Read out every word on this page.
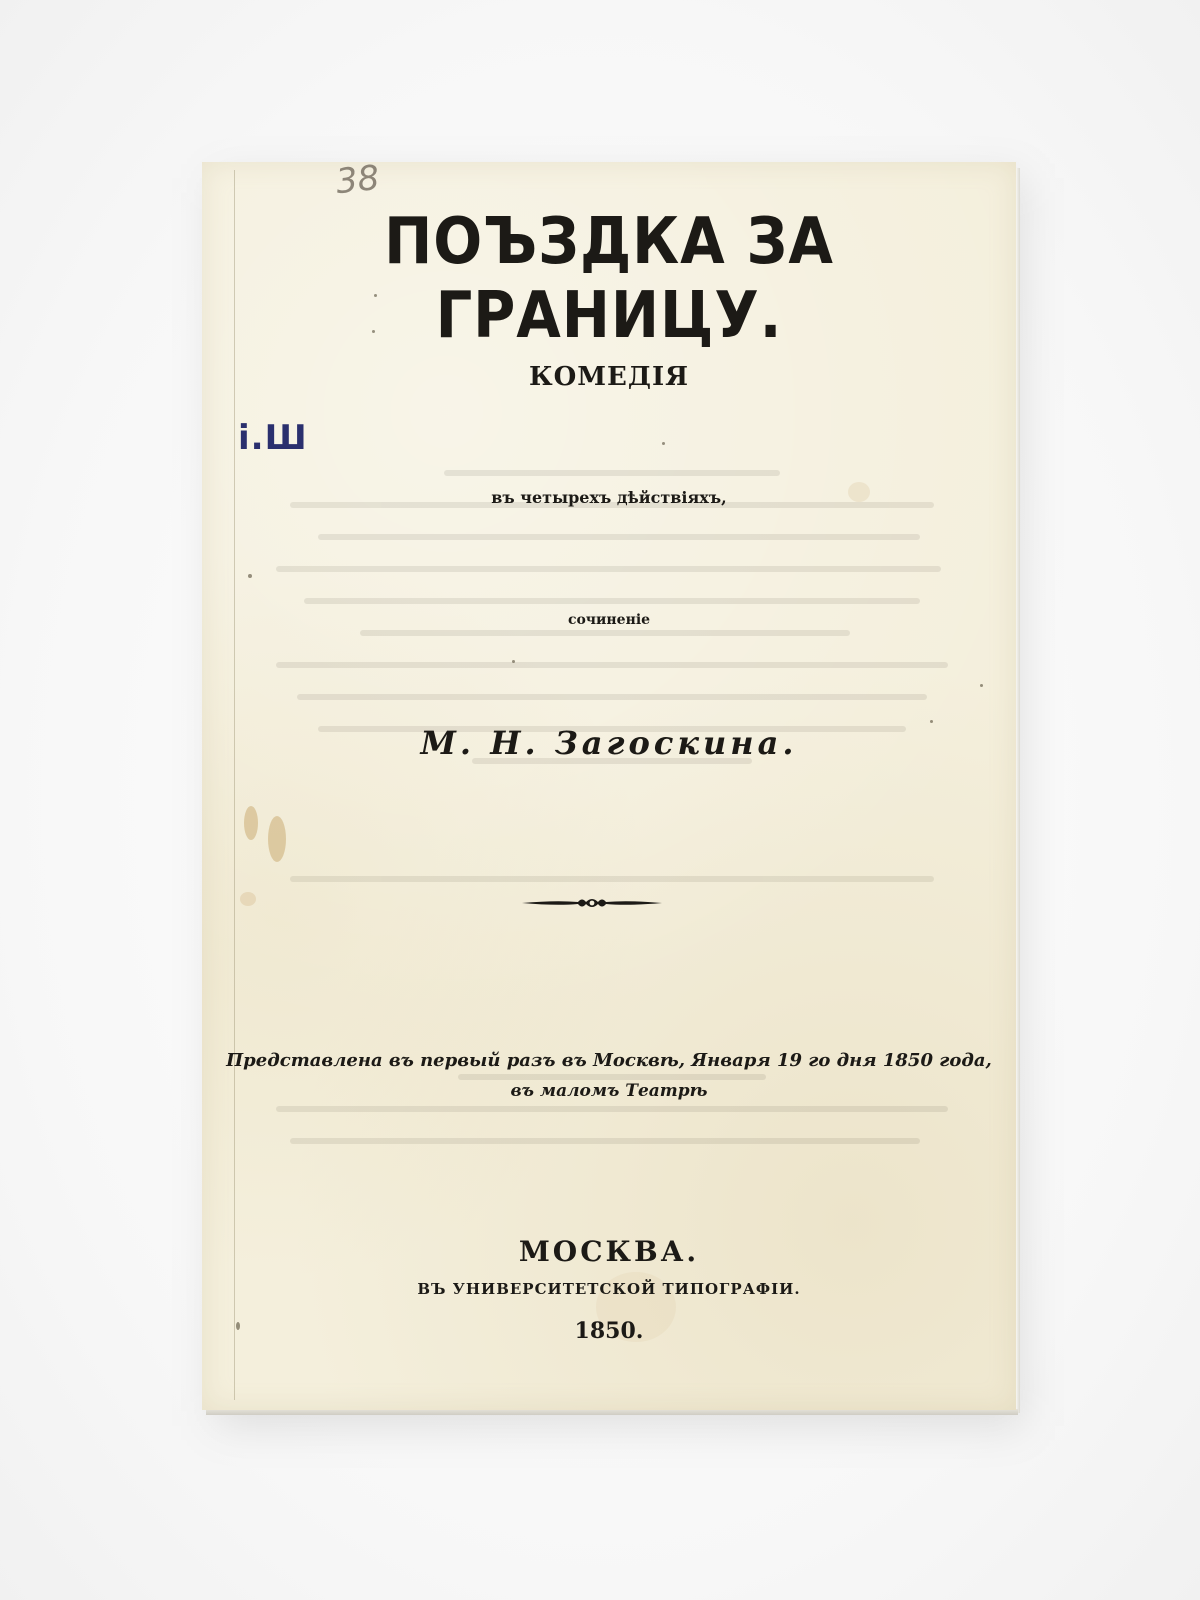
38
і.Ш
ПОЪЗДКА ЗА ГРАНИЦУ.
КОМЕДІЯ
въ четырехъ дѣйствіяхъ,
сочиненіе
М. Н. Загоскина.
Представлена въ первый разъ въ Москвѣ, Января 19 го дня 1850 года,
въ маломъ Театрѣ
МОСКВА.
ВЪ УНИВЕРСИТЕТСКОЙ ТИПОГРАФІИ.
1850.
